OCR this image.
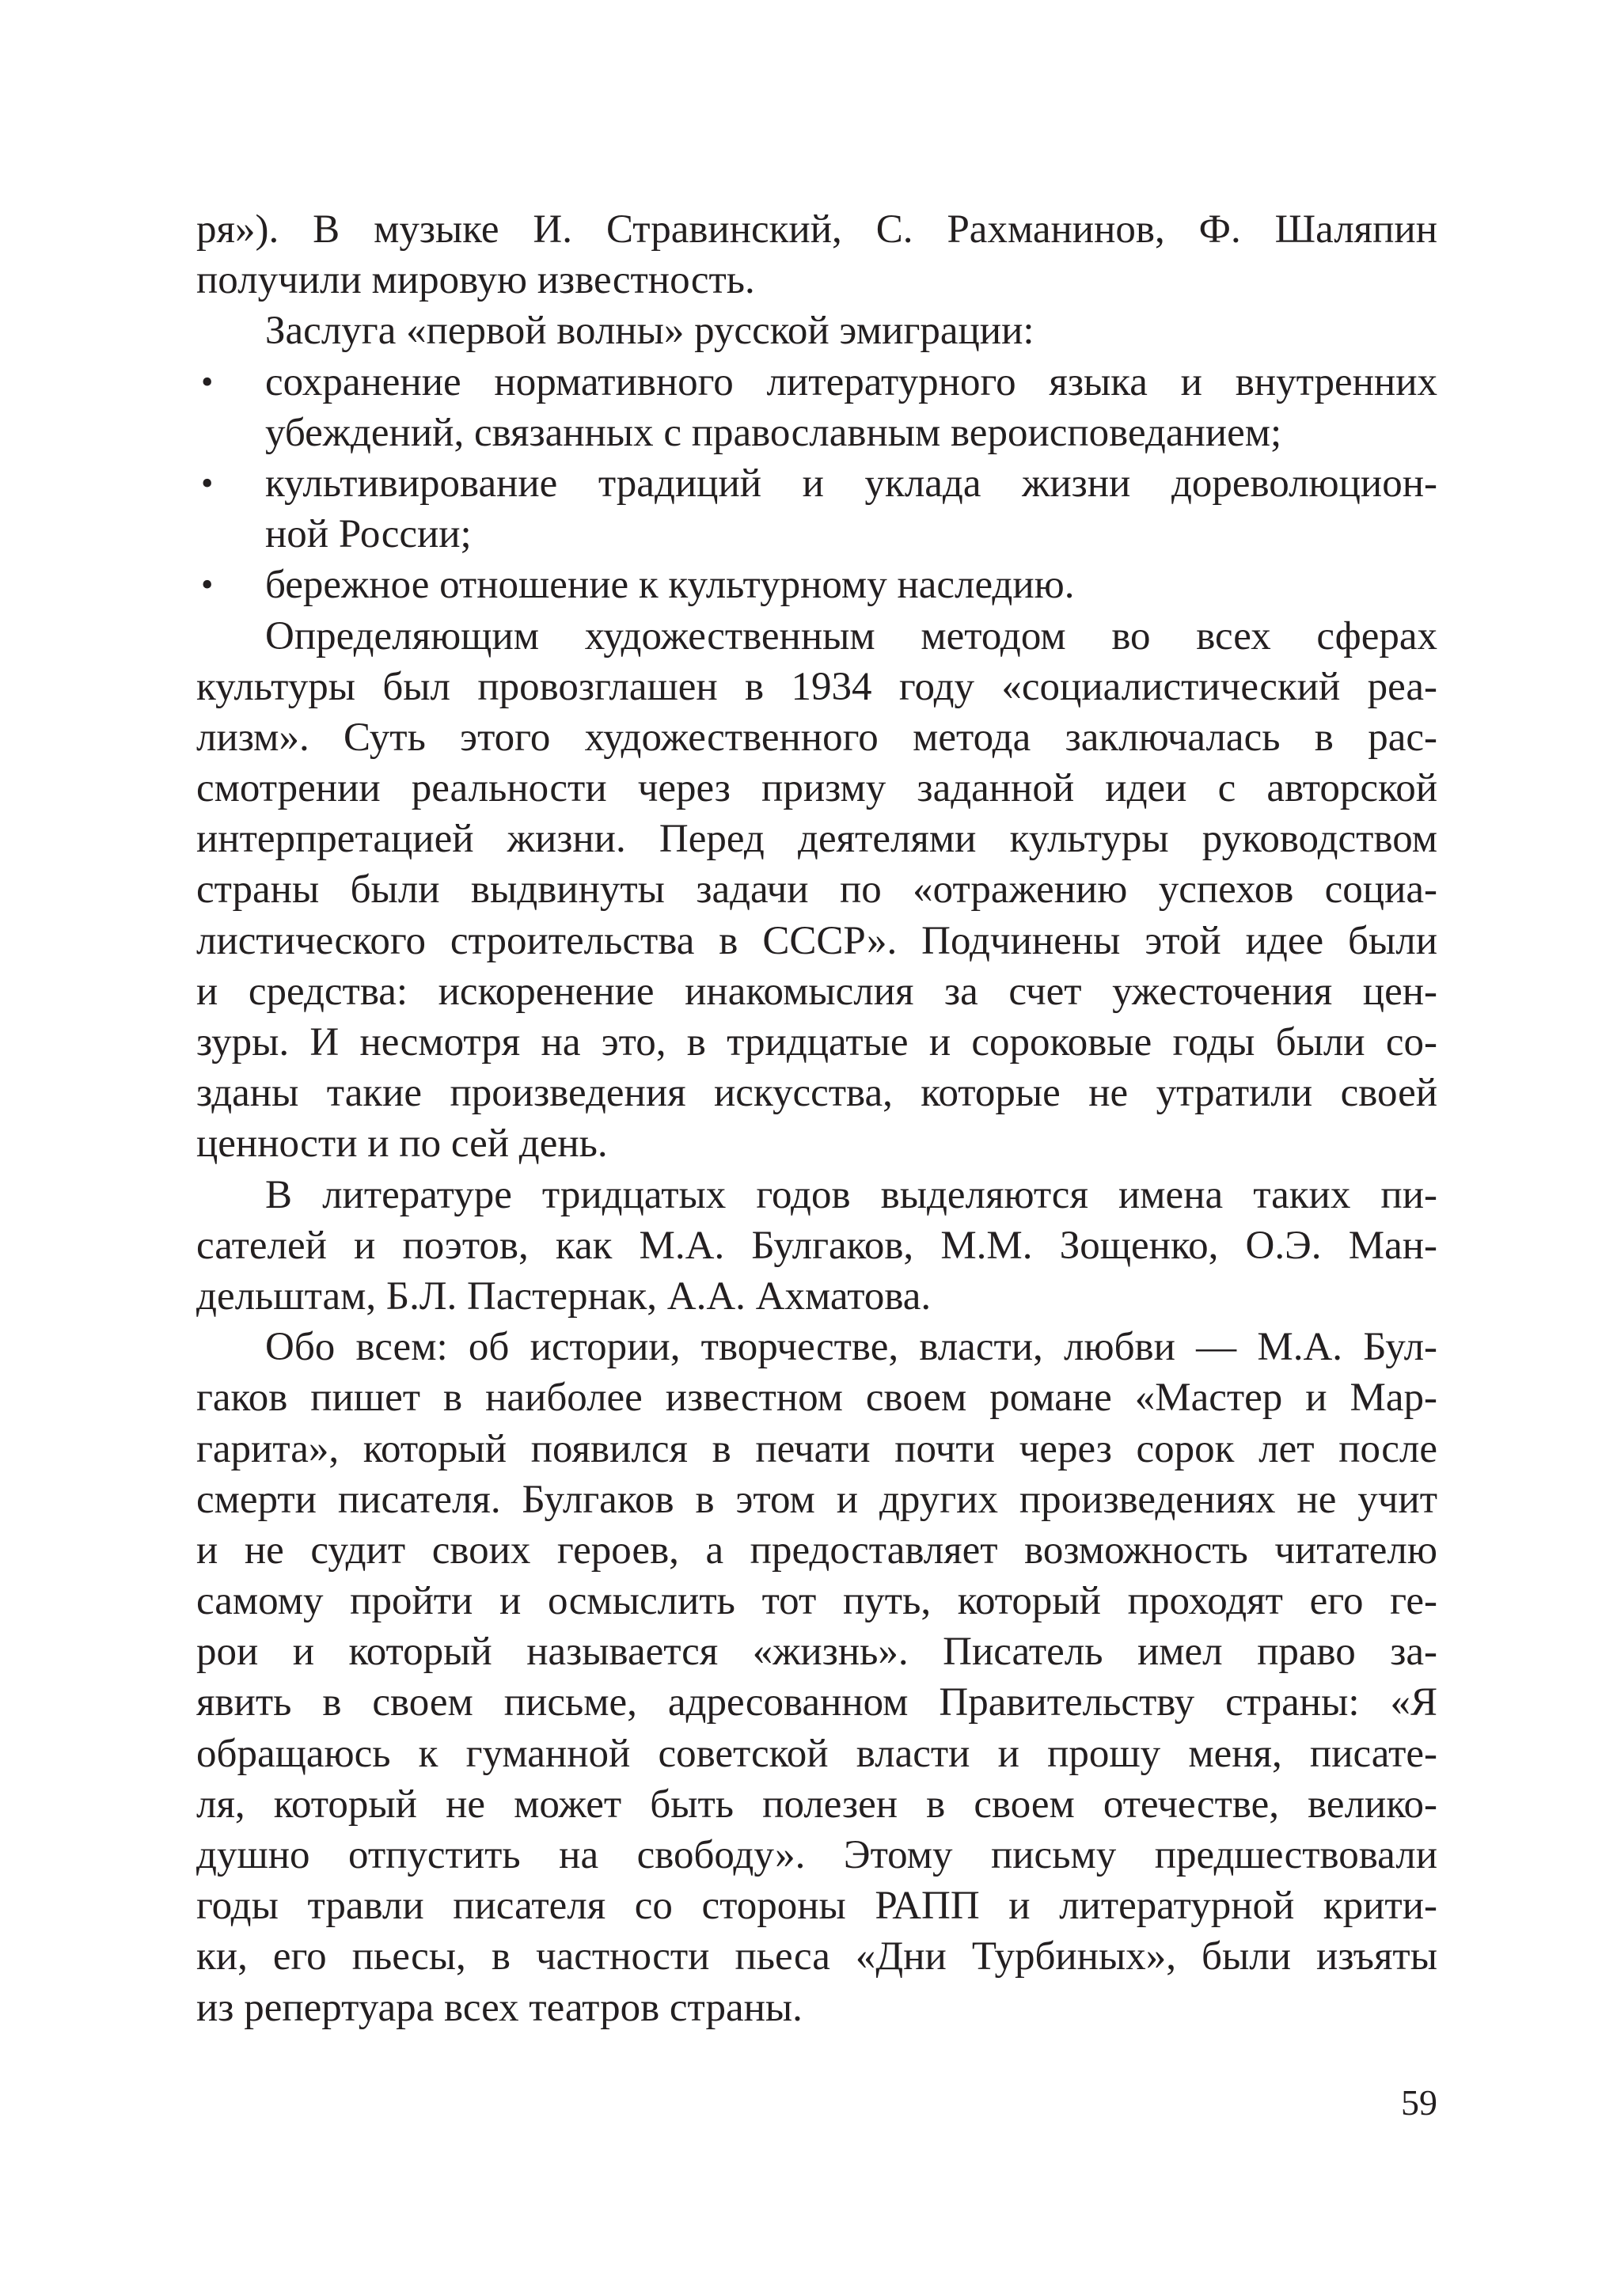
ря»). В музыке И. Стравинский, С. Рахманинов, Ф. Шаляпин
получили мировую известность.
Заслуга «первой волны» русской эмиграции:
•	сохранение нормативного литературного языка и внутренних
убеждений, связанных с православным вероисповеданием;
•	культивирование традиций и уклада жизни дореволюцион-
ной России;
•	бережное отношение к культурному наследию.
Определяющим художественным методом во всех сферах
культуры был провозглашен в 1934 году «социалистический реа-
лизм». Суть этого художественного метода заключалась в рас-
смотрении реальности через призму заданной идеи с авторской
интерпретацией жизни. Перед деятелями культуры руководством
страны были выдвинуты задачи по «отражению успехов социа-
листического строительства в СССР». Подчинены этой идее были
и средства: искоренение инакомыслия за счет ужесточения цен-
зуры. И несмотря на это, в тридцатые и сороковые годы были со-
зданы такие произведения искусства, которые не утратили своей
ценности и по сей день.
В литературе тридцатых годов выделяются имена таких пи-
сателей и поэтов, как М.А. Булгаков, М.М. Зощенко, О.Э. Ман-
дельштам, Б.Л. Пастернак, А.А. Ахматова.
Обо всем: об истории, творчестве, власти, любви — М.А. Бул-
гаков пишет в наиболее известном своем романе «Мастер и Мар-
гарита», который появился в печати почти через сорок лет после
смерти писателя. Булгаков в этом и других произведениях не учит
и не судит своих героев, а предоставляет возможность читателю
самому пройти и осмыслить тот путь, который проходят его ге-
рои и который называется «жизнь». Писатель имел право за-
явить в своем письме, адресованном Правительству страны: «Я
обращаюсь к гуманной советской власти и прошу меня, писате-
ля, который не может быть полезен в своем отечестве, велико-
душно отпустить на свободу». Этому письму предшествовали
годы травли писателя со стороны РАПП и литературной крити-
ки, его пьесы, в частности пьеса «Дни Турбиных», были изъяты
из репертуара всех театров страны.
59
